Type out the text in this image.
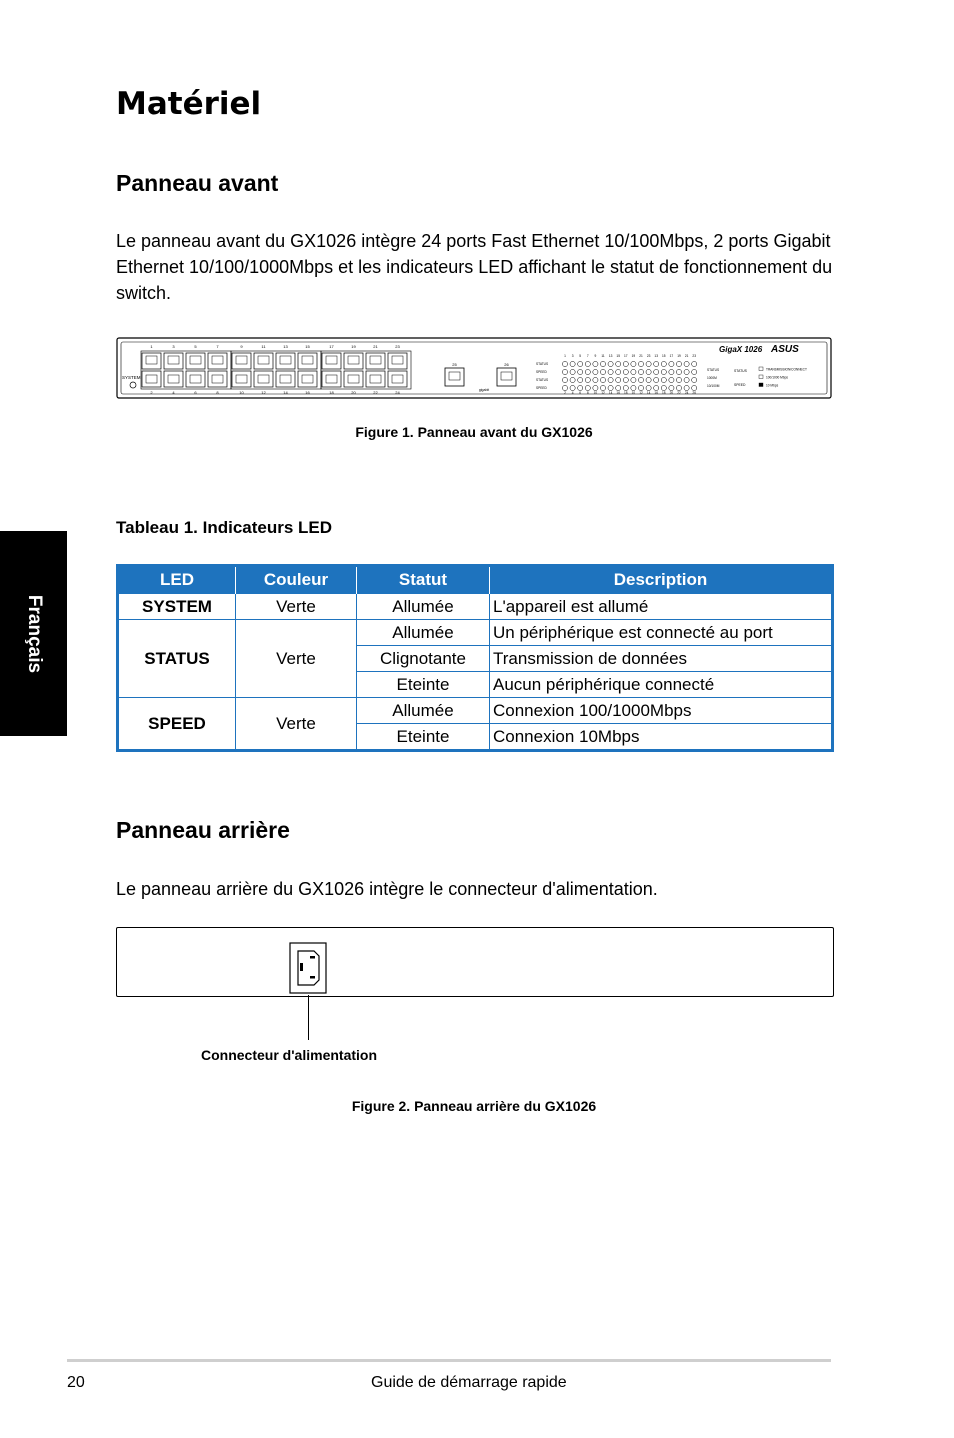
Matériel
Panneau avant

Le panneau avant du GX1026 intègre 24 ports Fast Ethernet 10/100Mbps, 2 ports Gigabit Ethernet 10/100/1000Mbps et les indicateurs LED affichant le statut de fonctionnement du switch.

SYSTEM
1
2
3
4
5
6
7
8
9
10
11
12
13
14
15
16
17
18
19
20
21
22
23
24
25	26
gigabit
STATUS
SPEED
STATUS
SPEED
1
2
3
4
5
6
7
8
9
10
11
12
13
14
15
16
17
18
19
10
21
12
23
14
13
16
15
18
17
20
19
22
21
24
23
26
STATUS
1000M
10/100M
STATUS
SPEED
TRANSMISSION/CONNECT
100/1000 Mbps
10 Mbps
GigaX 1026 ASUS
Figure 1. Panneau avant du GX1026
Tableau 1. Indicateurs LED
LED	Couleur	Statut	Description
SYSTEM	Verte	Allumée	L'appareil est allumé
STATUS	Verte	Allumée	Un périphérique est connecté au port
		Clignotante	Transmission de données
		Eteinte	Aucun périphérique connecté
SPEED	Verte	Allumée	Connexion 100/1000Mbps
		Eteinte	Connexion 10Mbps
Français
Panneau arrière

Le panneau arrière du GX1026 intègre le connecteur d'alimentation.

Connecteur d'alimentation
Figure 2. Panneau arrière du GX1026
20	Guide de démarrage rapide
